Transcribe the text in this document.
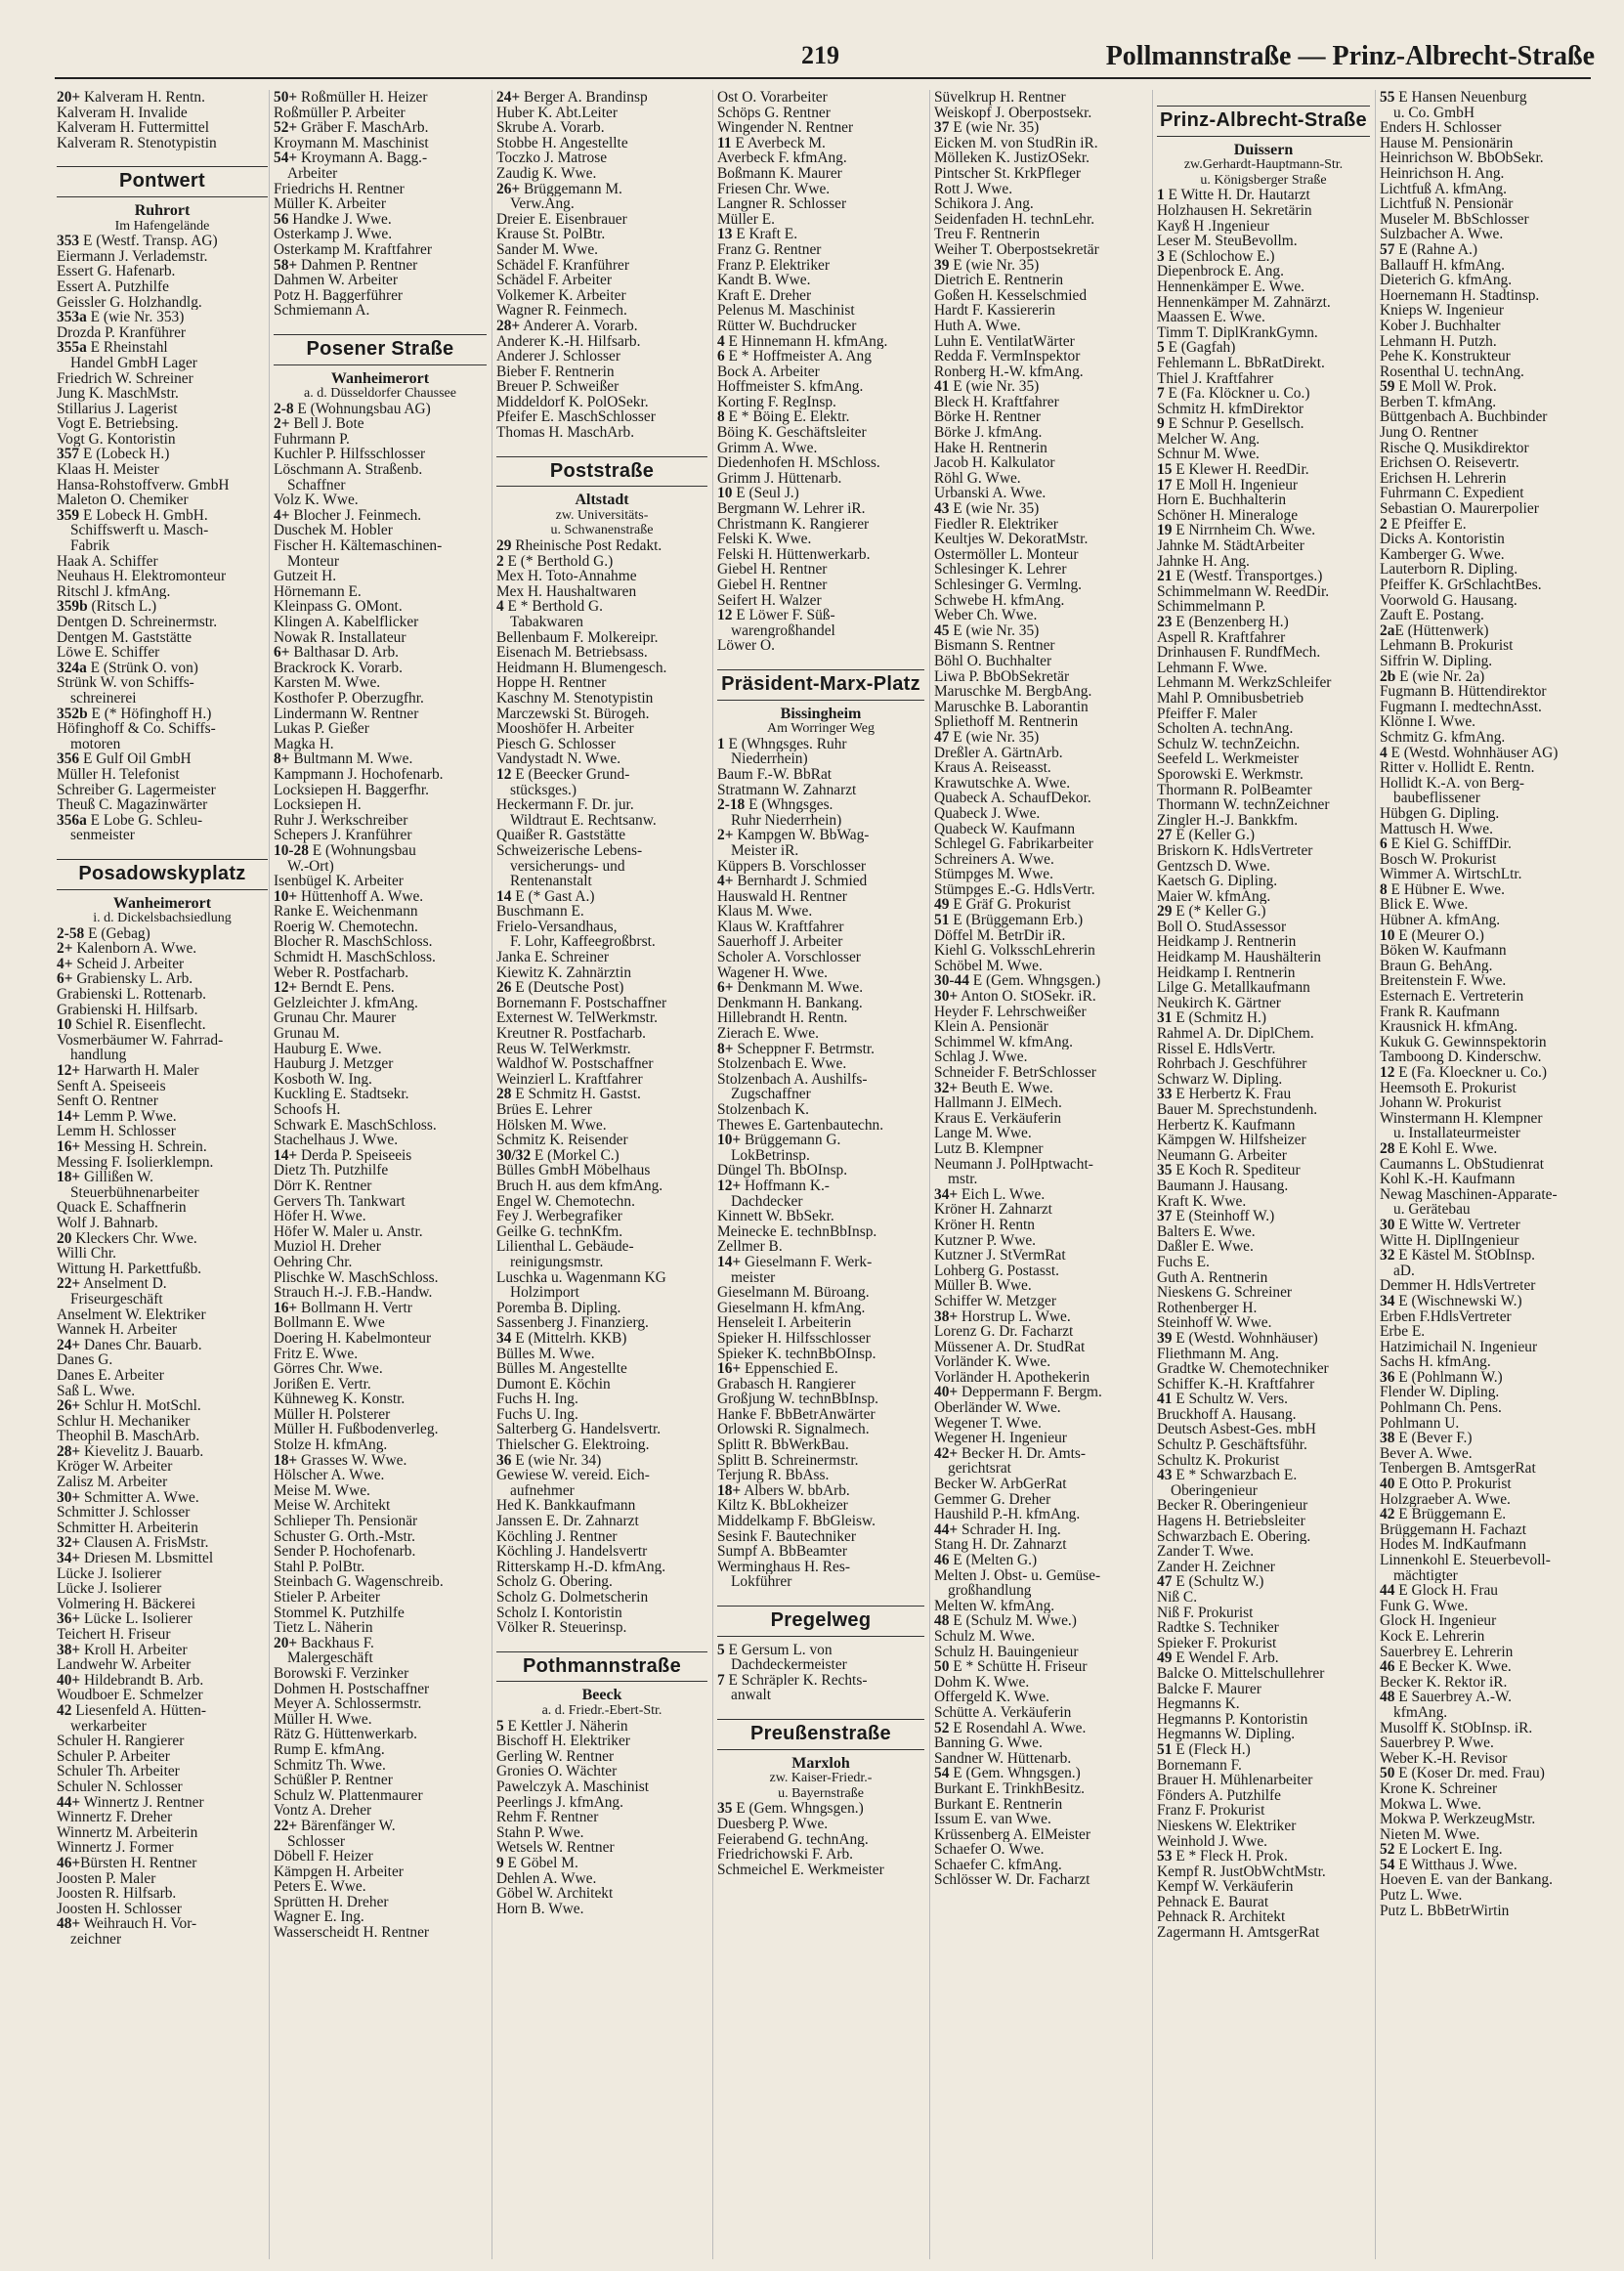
219	Pollmannstraße — Prinz-Albrecht-Straße
20+ Kalveram H. Rentn.
Kalveram H. Invalide
Kalveram H. Futtermittel
Kalveram R. Stenotypistin
Pontwert
Ruhrort
Im Hafengelände
353 E (Westf. Transp. AG)
Eiermann J. Verlademstr.
Essert G. Hafenarb.
Essert A. Putzhilfe
Geissler G. Holzhandlg.
353a E (wie Nr. 353)
Drozda P. Kranführer
355a E Rheinstahl
Handel GmbH Lager
Friedrich W. Schreiner
Jung K. MaschMstr.
Stillarius J. Lagerist
Vogt E. Betriebsing.
Vogt G. Kontoristin
357 E (Lobeck H.)
Klaas H. Meister
Hansa-Rohstoffverw. GmbH
Maleton O. Chemiker
359 E Lobeck H. GmbH.
Schiffswerft u. Masch-
Fabrik
Haak A. Schiffer
Neuhaus H. Elektromonteur
Ritschl J. kfmAng.
359b (Ritsch L.)
Dentgen D. Schreinermstr.
Dentgen M. Gaststätte
Löwe E. Schiffer
324a E (Strünk O. von)
Strünk W. von Schiffs-
schreinerei
352b E (* Höfinghoff H.)
Höfinghoff & Co. Schiffs-
motoren
356 E Gulf Oil GmbH
Müller H. Telefonist
Schreiber G. Lagermeister
Theuß C. Magazinwärter
356a E Lobe G. Schleu-
senmeister
Posadowskyplatz
Wanheimerort
i. d. Dickelsbachsiedlung
2-58 E (Gebag)
2+ Kalenborn A. Wwe.
4+ Scheid J. Arbeiter
6+ Grabiensky L. Arb.
Grabienski L. Rottenarb.
Grabienski H. Hilfsarb.
10 Schiel R. Eisenflecht.
Vosmerbäumer W. Fahrrad-
handlung
12+ Harwarth H. Maler
Senft A. Speiseeis
Senft O. Rentner
14+ Lemm P. Wwe.
Lemm H. Schlosser
16+ Messing H. Schrein.
Messing F. Isolierklempn.
18+ Gillißen W.
Steuerbühnenarbeiter
Quack E. Schaffnerin
Wolf J. Bahnarb.
20 Kleckers Chr. Wwe.
Willi Chr.
Wittung H. Parkettfußb.
22+ Anselment D.
Friseurgeschäft
Anselment W. Elektriker
Wannek H. Arbeiter
24+ Danes Chr. Bauarb.
Danes G.
Danes E. Arbeiter
Saß L. Wwe.
26+ Schlur H. MotSchl.
Schlur H. Mechaniker
Theophil B. MaschArb.
28+ Kievelitz J. Bauarb.
Kröger W. Arbeiter
Zalisz M. Arbeiter
30+ Schmitter A. Wwe.
Schmitter J. Schlosser
Schmitter H. Arbeiterin
32+ Clausen A. FrisMstr.
34+ Driesen M. Lbsmittel
Lücke J. Isolierer
Lücke J. Isolierer
Volmering H. Bäckerei
36+ Lücke L. Isolierer
Teichert H. Friseur
38+ Kroll H. Arbeiter
Landwehr W. Arbeiter
40+ Hildebrandt B. Arb.
Woudboer E. Schmelzer
42 Liesenfeld A. Hütten-
werkarbeiter
Schuler H. Rangierer
Schuler P. Arbeiter
Schuler Th. Arbeiter
Schuler N. Schlosser
44+ Winnertz J. Rentner
Winnertz F. Dreher
Winnertz M. Arbeiterin
Winnertz J. Former
46+Bürsten H. Rentner
Joosten P. Maler
Joosten R. Hilfsarb.
Joosten H. Schlosser
48+ Weihrauch H. Vor-
zeichner
50+ Roßmüller H. Heizer
Roßmüller P. Arbeiter
52+ Gräber F. MaschArb.
Kroymann M. Maschinist
54+ Kroymann A. Bagg.-
Arbeiter
Friedrichs H. Rentner
Müller K. Arbeiter
56 Handke J. Wwe.
Osterkamp J. Wwe.
Osterkamp M. Kraftfahrer
58+ Dahmen P. Rentner
Dahmen W. Arbeiter
Potz H. Baggerführer
Schmiemann A.
Posener Straße
Wanheimerort
a. d. Düsseldorfer Chaussee
2-8 E (Wohnungsbau AG)
2+ Bell J. Bote
Fuhrmann P.
Kuchler P. Hilfsschlosser
Löschmann A. Straßenb.
Schaffner
Volz K. Wwe.
4+ Blocher J. Feinmech.
Duschek M. Hobler
Fischer H. Kältemaschinen-
Monteur
Gutzeit H.
Hörnemann E.
Kleinpass G. OMont.
Klingen A. Kabelflicker
Nowak R. Installateur
6+ Balthasar D. Arb.
Brackrock K. Vorarb.
Karsten M. Wwe.
Kosthofer P. Oberzugfhr.
Lindermann W. Rentner
Lukas P. Gießer
Magka H.
8+ Bultmann M. Wwe.
Kampmann J. Hochofenarb.
Locksiepen H. Baggerfhr.
Locksiepen H.
Ruhr J. Werkschreiber
Schepers J. Kranführer
10-28 E (Wohnungsbau
W.-Ort)
Isenbügel K. Arbeiter
10+ Hüttenhoff A. Wwe.
Ranke E. Weichenmann
Roerig W. Chemotechn.
Blocher R. MaschSchloss.
Schmidt H. MaschSchloss.
Weber R. Postfacharb.
12+ Berndt E. Pens.
Gelzleichter J. kfmAng.
Grunau Chr. Maurer
Grunau M.
Hauburg E. Wwe.
Hauburg J. Metzger
Kosboth W. Ing.
Kuckling E. Stadtsekr.
Schoofs H.
Schwark E. MaschSchloss.
Stachelhaus J. Wwe.
14+ Derda P. Speiseeis
Dietz Th. Putzhilfe
Dörr K. Rentner
Gervers Th. Tankwart
Höfer H. Wwe.
Höfer W. Maler u. Anstr.
Muziol H. Dreher
Oehring Chr.
Plischke W. MaschSchloss.
Strauch H.-J. F.B.-Handw.
16+ Bollmann H. Vertr
Bollmann E. Wwe
Doering H. Kabelmonteur
Fritz E. Wwe.
Görres Chr. Wwe.
Jorißen E. Vertr.
Kühneweg K. Konstr.
Müller H. Polsterer
Müller H. Fußbodenverleg.
Stolze H. kfmAng.
18+ Grasses W. Wwe.
Hölscher A. Wwe.
Meise M. Wwe.
Meise W. Architekt
Schlieper Th. Pensionär
Schuster G. Orth.-Mstr.
Sender P. Hochofenarb.
Stahl P. PolBtr.
Steinbach G. Wagenschreib.
Stieler P. Arbeiter
Stommel K. Putzhilfe
Tietz L. Näherin
20+ Backhaus F.
Malergeschäft
Borowski F. Verzinker
Dohmen H. Postschaffner
Meyer A. Schlossermstr.
Müller H. Wwe.
Rätz G. Hüttenwerkarb.
Rump E. kfmAng.
Schmitz Th. Wwe.
Schüßler P. Rentner
Schulz W. Plattenmaurer
Vontz A. Dreher
22+ Bärenfänger W.
Schlosser
Döbell F. Heizer
Kämpgen H. Arbeiter
Peters E. Wwe.
Sprütten H. Dreher
Wagner E. Ing.
Wasserscheidt H. Rentner
24+ Berger A. Brandinsp
Huber K. Abt.Leiter
Skrube A. Vorarb.
Stobbe H. Angestellte
Toczko J. Matrose
Zaudig K. Wwe.
26+ Brüggemann M.
Verw.Ang.
Dreier E. Eisenbrauer
Krause St. PolBtr.
Sander M. Wwe.
Schädel F. Kranführer
Schädel F. Arbeiter
Volkemer K. Arbeiter
Wagner R. Feinmech.
28+ Anderer A. Vorarb.
Anderer K.-H. Hilfsarb.
Anderer J. Schlosser
Bieber F. Rentnerin
Breuer P. Schweißer
Middeldorf K. PolOSekr.
Pfeifer E. MaschSchlosser
Thomas H. MaschArb.
Poststraße
Altstadt
zw. Universitäts-
u. Schwanenstraße
29 Rheinische Post Redakt.
2 E (* Berthold G.)
Mex H. Toto-Annahme
Mex H. Haushaltwaren
4 E * Berthold G.
Tabakwaren
Bellenbaum F. Molkereipr.
Eisenach M. Betriebsass.
Heidmann H. Blumengesch.
Hoppe H. Rentner
Kaschny M. Stenotypistin
Marczewski St. Bürogeh.
Mooshöfer H. Arbeiter
Piesch G. Schlosser
Vandystadt N. Wwe.
12 E (Beecker Grund-
stücksges.)
Heckermann F. Dr. jur.
Wildtraut E. Rechtsanw.
Quaißer R. Gaststätte
Schweizerische Lebens-
versicherungs- und
Rentenanstalt
14 E (* Gast A.)
Buschmann E.
Frielo-Versandhaus,
F. Lohr, Kaffeegroßbrst.
Janka E. Schreiner
Kiewitz K. Zahnärztin
26 E (Deutsche Post)
Bornemann F. Postschaffner
Externest W. TelWerkmstr.
Kreutner R. Postfacharb.
Reus W. TelWerkmstr.
Waldhof W. Postschaffner
Weinzierl L. Kraftfahrer
28 E Schmitz H. Gastst.
Brües E. Lehrer
Hölsken M. Wwe.
Schmitz K. Reisender
30/32 E (Morkel C.)
Bülles GmbH Möbelhaus
Bruch H. aus dem kfmAng.
Engel W. Chemotechn.
Fey J. Werbegrafiker
Geilke G. technKfm.
Lilienthal L. Gebäude-
reinigungsmstr.
Luschka u. Wagenmann KG
Holzimport
Poremba B. Dipling.
Sassenberg J. Finanzierg.
34 E (Mittelrh. KKB)
Bülles M. Wwe.
Bülles M. Angestellte
Dumont E. Köchin
Fuchs H. Ing.
Fuchs U. Ing.
Salterberg G. Handelsvertr.
Thielscher G. Elektroing.
36 E (wie Nr. 34)
Gewiese W. vereid. Eich-
aufnehmer
Hed K. Bankkaufmann
Janssen E. Dr. Zahnarzt
Köchling J. Rentner
Köchling J. Handelsvertr
Ritterskamp H.-D. kfmAng.
Scholz G. Obering.
Scholz G. Dolmetscherin
Scholz I. Kontoristin
Völker R. Steuerinsp.
Pothmannstraße
Beeck
a. d. Friedr.-Ebert-Str.
5 E Kettler J. Näherin
Bischoff H. Elektriker
Gerling W. Rentner
Gronies O. Wächter
Pawelczyk A. Maschinist
Peerlings J. kfmAng.
Rehm F. Rentner
Stahn P. Wwe.
Wetsels W. Rentner
9 E Göbel M.
Dehlen A. Wwe.
Göbel W. Architekt
Horn B. Wwe.
Ost O. Vorarbeiter
Schöps G. Rentner
Wingender N. Rentner
11 E Averbeck M.
Averbeck F. kfmAng.
Boßmann K. Maurer
Friesen Chr. Wwe.
Langner R. Schlosser
Müller E.
13 E Kraft E.
Franz G. Rentner
Franz P. Elektriker
Kandt B. Wwe.
Kraft E. Dreher
Pelenus M. Maschinist
Rütter W. Buchdrucker
4 E Hinnemann H. kfmAng.
6 E * Hoffmeister A. Ang
Bock A. Arbeiter
Hoffmeister S. kfmAng.
Korting F. RegInsp.
8 E * Böing E. Elektr.
Böing K. Geschäftsleiter
Grimm A. Wwe.
Diedenhofen H. MSchloss.
Grimm J. Hüttenarb.
10 E (Seul J.)
Bergmann W. Lehrer iR.
Christmann K. Rangierer
Felski K. Wwe.
Felski H. Hüttenwerkarb.
Giebel H. Rentner
Giebel H. Rentner
Seifert H. Walzer
12 E Löwer F. Süß-
warengroßhandel
Löwer O.
Präsident-Marx-Platz
Bissingheim
Am Worringer Weg
1 E (Whngsges. Ruhr
Niederrhein)
Baum F.-W. BbRat
Stratmann W. Zahnarzt
2-18 E (Whngsges.
Ruhr Niederrhein)
2+ Kampgen W. BbWag-
Meister iR.
Küppers B. Vorschlosser
4+ Bernhardt J. Schmied
Hauswald H. Rentner
Klaus M. Wwe.
Klaus W. Kraftfahrer
Sauerhoff J. Arbeiter
Scholer A. Vorschlosser
Wagener H. Wwe.
6+ Denkmann M. Wwe.
Denkmann H. Bankang.
Hillebrandt H. Rentn.
Zierach E. Wwe.
8+ Scheppner F. Betrmstr.
Stolzenbach E. Wwe.
Stolzenbach A. Aushilfs-
Zugschaffner
Stolzenbach K.
Thewes E. Gartenbautechn.
10+ Brüggemann G.
LokBetrinsp.
Düngel Th. BbOInsp.
12+ Hoffmann K.-
Dachdecker
Kinnett W. BbSekr.
Meinecke E. technBbInsp.
Zellmer B.
14+ Gieselmann F. Werk-
meister
Gieselmann M. Büroang.
Gieselmann H. kfmAng.
Henseleit I. Arbeiterin
Spieker H. Hilfsschlosser
Spieker K. technBbOInsp.
16+ Eppenschied E.
Grabasch H. Rangierer
Großjung W. technBbInsp.
Hanke F. BbBetrAnwärter
Orlowski R. Signalmech.
Splitt R. BbWerkBau.
Splitt B. Schreinermstr.
Terjung R. BbAss.
18+ Albers W. bbArb.
Kiltz K. BbLokheizer
Middelkamp F. BbGleisw.
Sesink F. Bautechniker
Sumpf A. BbBeamter
Werminghaus H. Res-
Lokführer
Pregelweg
5 E Gersum L. von
Dachdeckermeister
7 E Schräpler K. Rechts-
anwalt
Preußenstraße
Marxloh
zw. Kaiser-Friedr.-
u. Bayernstraße
35 E (Gem. Whngsgen.)
Duesberg P. Wwe.
Feierabend G. technAng.
Friedrichowski F. Arb.
Schmeichel E. Werkmeister
Süvelkrup H. Rentner
Weiskopf J. Oberpostsekr.
37 E (wie Nr. 35)
Eicken M. von StudRin iR.
Mölleken K. JustizOSekr.
Pintscher St. KrkPfleger
Rott J. Wwe.
Schikora J. Ang.
Seidenfaden H. technLehr.
Treu F. Rentnerin
Weiher T. Oberpostsekretär
39 E (wie Nr. 35)
Dietrich E. Rentnerin
Goßen H. Kesselschmied
Hardt F. Kassiererin
Huth A. Wwe.
Luhn E. VentilatWärter
Redda F. VermInspektor
Ronberg H.-W. kfmAng.
41 E (wie Nr. 35)
Bleck H. Kraftfahrer
Börke H. Rentner
Börke J. kfmAng.
Hake H. Rentnerin
Jacob H. Kalkulator
Röhl G. Wwe.
Urbanski A. Wwe.
43 E (wie Nr. 35)
Fiedler R. Elektriker
Keultjes W. DekoratMstr.
Ostermöller L. Monteur
Schlesinger K. Lehrer
Schlesinger G. Vermlng.
Schwebe H. kfmAng.
Weber Ch. Wwe.
45 E (wie Nr. 35)
Bismann S. Rentner
Böhl O. Buchhalter
Liwa P. BbObSekretär
Maruschke M. BergbAng.
Maruschke B. Laborantin
Spliethoff M. Rentnerin
47 E (wie Nr. 35)
Dreßler A. GärtnArb.
Kraus A. Reiseasst.
Krawutschke A. Wwe.
Quabeck A. SchaufDekor.
Quabeck J. Wwe.
Quabeck W. Kaufmann
Schlegel G. Fabrikarbeiter
Schreiners A. Wwe.
Stümpges M. Wwe.
Stümpges E.-G. HdlsVertr.
49 E Gräf G. Prokurist
51 E (Brüggemann Erb.)
Döffel M. BetrDir iR.
Kiehl G. VolksschLehrerin
Schöbel M. Wwe.
30-44 E (Gem. Whngsgen.)
30+ Anton O. StOSekr. iR.
Heyder F. Lehrschweißer
Klein A. Pensionär
Schimmel W. kfmAng.
Schlag J. Wwe.
Schneider F. BetrSchlosser
32+ Beuth E. Wwe.
Hallmann J. ElMech.
Kraus E. Verkäuferin
Lange M. Wwe.
Lutz B. Klempner
Neumann J. PolHptwacht-
mstr.
34+ Eich L. Wwe.
Kröner H. Zahnarzt
Kröner H. Rentn
Kutzner P. Wwe.
Kutzner J. StVermRat
Lohberg G. Postasst.
Müller B. Wwe.
Schiffer W. Metzger
38+ Horstrup L. Wwe.
Lorenz G. Dr. Facharzt
Müssener A. Dr. StudRat
Vorländer K. Wwe.
Vorländer H. Apothekerin
40+ Deppermann F. Bergm.
Oberländer W. Wwe.
Wegener T. Wwe.
Wegener H. Ingenieur
42+ Becker H. Dr. Amts-
gerichtsrat
Becker W. ArbGerRat
Gemmer G. Dreher
Haushild P.-H. kfmAng.
44+ Schrader H. Ing.
Stang H. Dr. Zahnarzt
46 E (Melten G.)
Melten J. Obst- u. Gemüse-
großhandlung
Melten W. kfmAng.
48 E (Schulz M. Wwe.)
Schulz M. Wwe.
Schulz H. Bauingenieur
50 E * Schütte H. Friseur
Dohm K. Wwe.
Offergeld K. Wwe.
Schütte A. Verkäuferin
52 E Rosendahl A. Wwe.
Banning G. Wwe.
Sandner W. Hüttenarb.
54 E (Gem. Whngsgen.)
Burkant E. TrinkhBesitz.
Burkant E. Rentnerin
Issum E. van Wwe.
Krüssenberg A. ElMeister
Schaefer O. Wwe.
Schaefer C. kfmAng.
Schlösser W. Dr. Facharzt
Prinz-Albrecht-Straße
Duissern
zw.Gerhardt-Hauptmann-Str.
u. Königsberger Straße
1 E Witte H. Dr. Hautarzt
Holzhausen H. Sekretärin
Kayß H .Ingenieur
Leser M. SteuBevollm.
3 E (Schlochow E.)
Diepenbrock E. Ang.
Hennenkämper E. Wwe.
Hennenkämper M. Zahnärzt.
Maassen E. Wwe.
Timm T. DiplKrankGymn.
5 E (Gagfah)
Fehlemann L. BbRatDirekt.
Thiel J. Kraftfahrer
7 E (Fa. Klöckner u. Co.)
Schmitz H. kfmDirektor
9 E Schnur P. Gesellsch.
Melcher W. Ang.
Schnur M. Wwe.
15 E Klewer H. ReedDir.
17 E Moll H. Ingenieur
Horn E. Buchhalterin
Schöner H. Mineraloge
19 E Nirrnheim Ch. Wwe.
Jahnke M. StädtArbeiter
Jahnke H. Ang.
21 E (Westf. Transportges.)
Schimmelmann W. ReedDir.
Schimmelmann P.
23 E (Benzenberg H.)
Aspell R. Kraftfahrer
Drinhausen F. RundfMech.
Lehmann F. Wwe.
Lehmann M. WerkzSchleifer
Mahl P. Omnibusbetrieb
Pfeiffer F. Maler
Scholten A. technAng.
Schulz W. technZeichn.
Seefeld L. Werkmeister
Sporowski E. Werkmstr.
Thormann R. PolBeamter
Thormann W. technZeichner
Zingler H.-J. Bankkfm.
27 E (Keller G.)
Briskorn K. HdlsVertreter
Gentzsch D. Wwe.
Kaetsch G. Dipling.
Maier W. kfmAng.
29 E (* Keller G.)
Boll O. StudAssessor
Heidkamp J. Rentnerin
Heidkamp M. Haushälterin
Heidkamp I. Rentnerin
Lilge G. Metallkaufmann
Neukirch K. Gärtner
31 E (Schmitz H.)
Rahmel A. Dr. DiplChem.
Rissel E. HdlsVertr.
Rohrbach J. Geschführer
Schwarz W. Dipling.
33 E Herbertz K. Frau
Bauer M. Sprechstundenh.
Herbertz K. Kaufmann
Kämpgen W. Hilfsheizer
Neumann G. Arbeiter
35 E Koch R. Spediteur
Baumann J. Hausang.
Kraft K. Wwe.
37 E (Steinhoff W.)
Balters E. Wwe.
Daßler E. Wwe.
Fuchs E.
Guth A. Rentnerin
Nieskens G. Schreiner
Rothenberger H.
Steinhoff W. Wwe.
39 E (Westd. Wohnhäuser)
Fliethmann M. Ang.
Gradtke W. Chemotechniker
Schiffer K.-H. Kraftfahrer
41 E Schultz W. Vers.
Bruckhoff A. Hausang.
Deutsch Asbest-Ges. mbH
Schultz P. Geschäftsführ.
Schultz K. Prokurist
43 E * Schwarzbach E.
Oberingenieur
Becker R. Oberingenieur
Hagens H. Betriebsleiter
Schwarzbach E. Obering.
Zander T. Wwe.
Zander H. Zeichner
47 E (Schultz W.)
Niß C.
Niß F. Prokurist
Radtke S. Techniker
Spieker F. Prokurist
49 E Wendel F. Arb.
Balcke O. Mittelschullehrer
Balcke F. Maurer
Hegmanns K.
Hegmanns P. Kontoristin
Hegmanns W. Dipling.
51 E (Fleck H.)
Bornemann F.
Brauer H. Mühlenarbeiter
Fönders A. Putzhilfe
Franz F. Prokurist
Nieskens W. Elektriker
Weinhold J. Wwe.
53 E * Fleck H. Prok.
Kempf R. JustObWchtMstr.
Kempf W. Verkäuferin
Pehnack E. Baurat
Pehnack R. Architekt
Zagermann H. AmtsgerRat
55 E Hansen Neuenburg
u. Co. GmbH
Enders H. Schlosser
Hause M. Pensionärin
Heinrichson W. BbObSekr.
Heinrichson H. Ang.
Lichtfuß A. kfmAng.
Lichtfuß N. Pensionär
Museler M. BbSchlosser
Sulzbacher A. Wwe.
57 E (Rahne A.)
Ballauff H. kfmAng.
Dieterich G. kfmAng.
Hoernemann H. Stadtinsp.
Knieps W. Ingenieur
Kober J. Buchhalter
Lehmann H. Putzh.
Pehe K. Konstrukteur
Rosenthal U. technAng.
59 E Moll W. Prok.
Berben T. kfmAng.
Büttgenbach A. Buchbinder
Jung O. Rentner
Rische Q. Musikdirektor
Erichsen O. Reisevertr.
Erichsen H. Lehrerin
Fuhrmann C. Expedient
Sebastian O. Maurerpolier
2 E Pfeiffer E.
Dicks A. Kontoristin
Kamberger G. Wwe.
Lauterborn R. Dipling.
Pfeiffer K. GrSchlachtBes.
Voorwold G. Hausang.
Zauft E. Postang.
2aE (Hüttenwerk)
Lehmann B. Prokurist
Siffrin W. Dipling.
2b E (wie Nr. 2a)
Fugmann B. Hüttendirektor
Fugmann I. medtechnAsst.
Klönne I. Wwe.
Schmitz G. kfmAng.
4 E (Westd. Wohnhäuser AG)
Ritter v. Hollidt E. Rentn.
Hollidt K.-A. von Berg-
baubeflissener
Hübgen G. Dipling.
Mattusch H. Wwe.
6 E Kiel G. SchiffDir.
Bosch W. Prokurist
Wimmer A. WirtschLtr.
8 E Hübner E. Wwe.
Blick E. Wwe.
Hübner A. kfmAng.
10 E (Meurer O.)
Böken W. Kaufmann
Braun G. BehAng.
Breitenstein F. Wwe.
Esternach E. Vertreterin
Frank R. Kaufmann
Krausnick H. kfmAng.
Kukuk G. Gewinnspektorin
Tamboong D. Kinderschw.
12 E (Fa. Kloeckner u. Co.)
Heemsoth E. Prokurist
Johann W. Prokurist
Winstermann H. Klempner
u. Installateurmeister
28 E Kohl E. Wwe.
Caumanns L. ObStudienrat
Kohl K.-H. Kaufmann
Newag Maschinen-Apparate-
u. Gerätebau
30 E Witte W. Vertreter
Witte H. DiplIngenieur
32 E Kästel M. StObInsp.
aD.
Demmer H. HdlsVertreter
34 E (Wischnewski W.)
Erben F.HdlsVertreter
Erbe E.
Hatzimichail N. Ingenieur
Sachs H. kfmAng.
36 E (Pohlmann W.)
Flender W. Dipling.
Pohlmann Ch. Pens.
Pohlmann U.
38 E (Bever F.)
Bever A. Wwe.
Tenbergen B. AmtsgerRat
40 E Otto P. Prokurist
Holzgraeber A. Wwe.
42 E Brüggemann E.
Brüggemann H. Fachazt
Hodes M. IndKaufmann
Linnenkohl E. Steuerbevoll-
mächtigter
44 E Glock H. Frau
Funk G. Wwe.
Glock H. Ingenieur
Kock E. Lehrerin
Sauerbrey E. Lehrerin
46 E Becker K. Wwe.
Becker K. Rektor iR.
48 E Sauerbrey A.-W.
kfmAng.
Musolff K. StObInsp. iR.
Sauerbrey P. Wwe.
Weber K.-H. Revisor
50 E (Koser Dr. med. Frau)
Krone K. Schreiner
Mokwa L. Wwe.
Mokwa P. WerkzeugMstr.
Nieten M. Wwe.
52 E Lockert E. Ing.
54 E Witthaus J. Wwe.
Hoeven E. van der Bankang.
Putz L. Wwe.
Putz L. BbBetrWirtin
